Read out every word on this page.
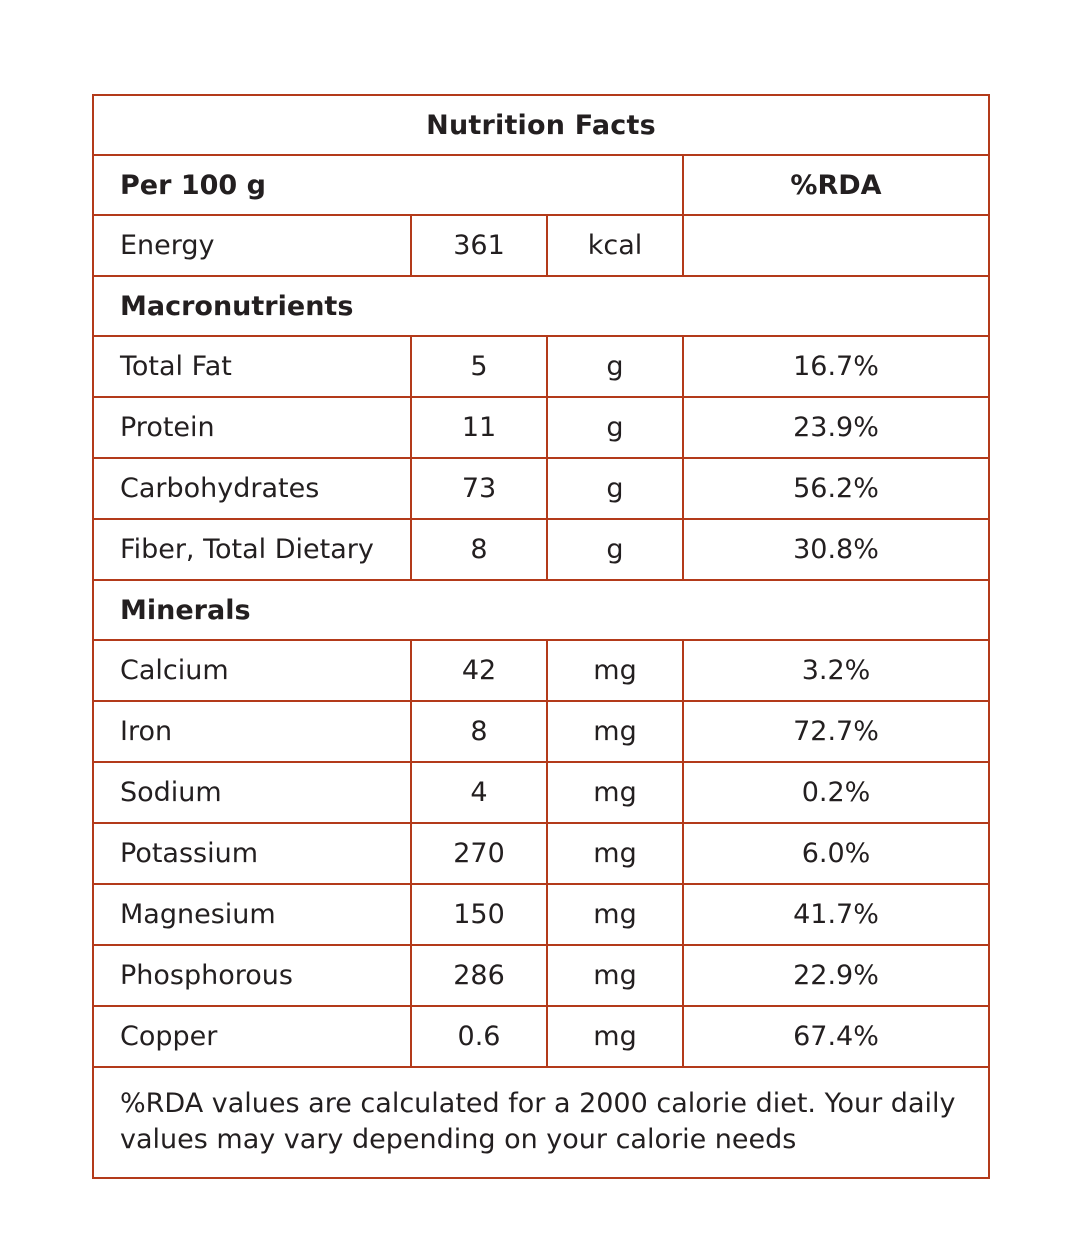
Nutrition Facts			
Per 100 g			%RDA
Energy	361	kcal	
Macronutrients			
Total Fat	5	g	16.7%
Protein	11	g	23.9%
Carbohydrates	73	g	56.2%
Fiber, Total Dietary	8	g	30.8%
Minerals			
Calcium	42	mg	3.2%
Iron	8	mg	72.7%
Sodium	4	mg	0.2%
Potassium	270	mg	6.0%
Magnesium	150	mg	41.7%
Phosphorous	286	mg	22.9%
Copper	0.6	mg	67.4%
%RDA values are calculated for a 2000 calorie diet. Your daily values may vary depending on your calorie needs			
